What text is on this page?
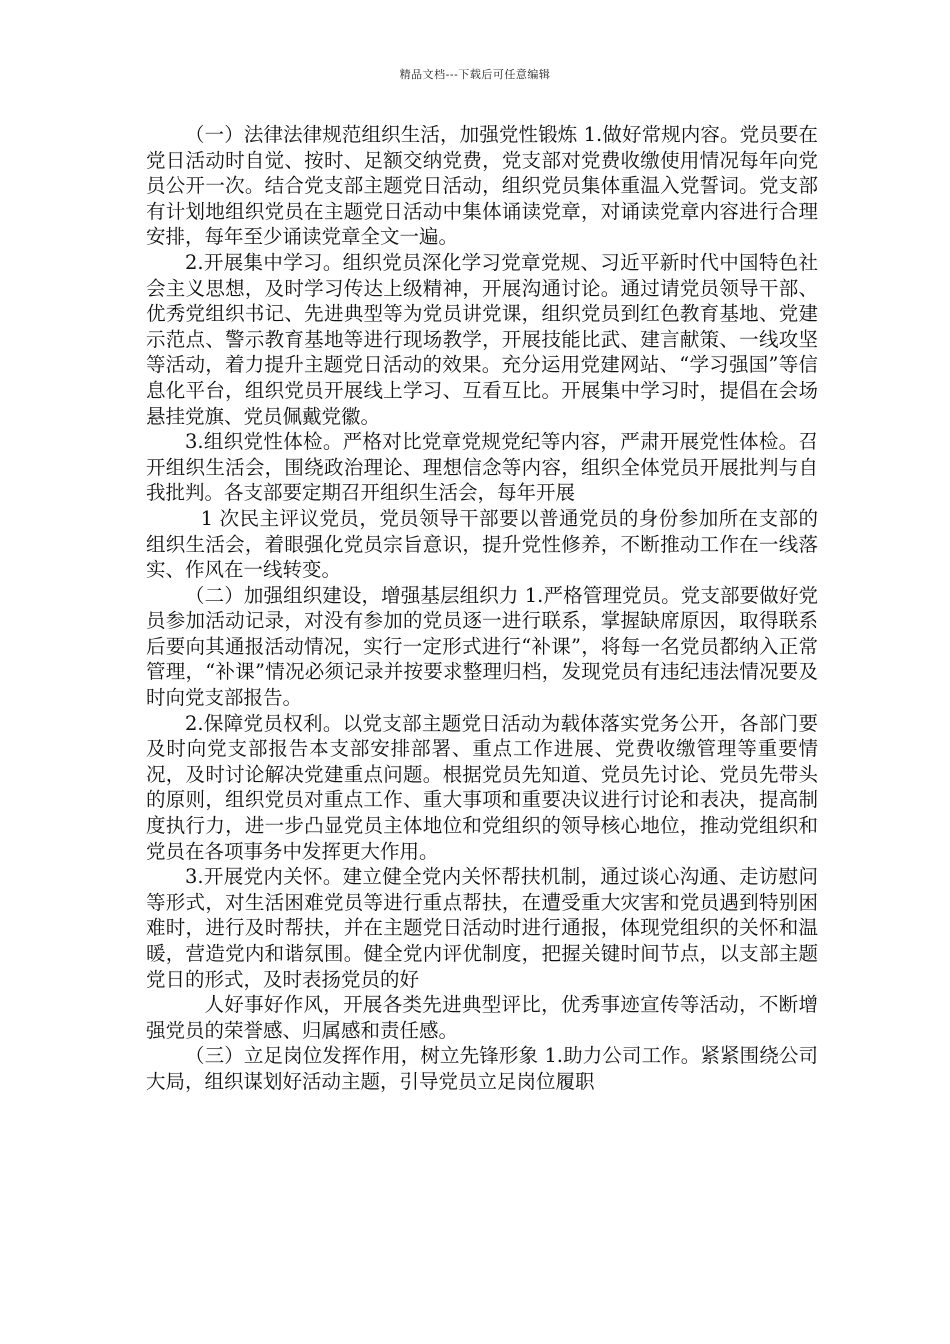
精品文档---下载后可任意编辑

（一）法律法律规范组织生活，加强党性锻炼 1.做好常规内容。党员要在党日活动时自觉、按时、足额交纳党费，党支部对党费收缴使用情况每年向党员公开一次。结合党支部主题党日活动，组织党员集体重温入党誓词。党支部有计划地组织党员在主题党日活动中集体诵读党章，对诵读党章内容进行合理安排，每年至少诵读党章全文一遍。

2.开展集中学习。组织党员深化学习党章党规、习近平新时代中国特色社会主义思想，及时学习传达上级精神，开展沟通讨论。通过请党员领导干部、优秀党组织书记、先进典型等为党员讲党课，组织党员到红色教育基地、党建示范点、警示教育基地等进行现场教学，开展技能比武、建言献策、一线攻坚等活动，着力提升主题党日活动的效果。充分运用党建网站、“学习强国”等信息化平台，组织党员开展线上学习、互看互比。开展集中学习时，提倡在会场悬挂党旗、党员佩戴党徽。

3.组织党性体检。严格对比党章党规党纪等内容，严肃开展党性体检。召开组织生活会，围绕政治理论、理想信念等内容，组织全体党员开展批判与自我批判。各支部要定期召开组织生活会，每年开展

1 次民主评议党员，党员领导干部要以普通党员的身份参加所在支部的组织生活会，着眼强化党员宗旨意识，提升党性修养，不断推动工作在一线落实、作风在一线转变。

（二）加强组织建设，增强基层组织力 1.严格管理党员。党支部要做好党员参加活动记录，对没有参加的党员逐一进行联系，掌握缺席原因，取得联系后要向其通报活动情况，实行一定形式进行“补课”，将每一名党员都纳入正常管理，“补课”情况必须记录并按要求整理归档，发现党员有违纪违法情况要及时向党支部报告。

2.保障党员权利。以党支部主题党日活动为载体落实党务公开，各部门要及时向党支部报告本支部安排部署、重点工作进展、党费收缴管理等重要情况，及时讨论解决党建重点问题。根据党员先知道、党员先讨论、党员先带头的原则，组织党员对重点工作、重大事项和重要决议进行讨论和表决，提高制度执行力，进一步凸显党员主体地位和党组织的领导核心地位，推动党组织和党员在各项事务中发挥更大作用。

3.开展党内关怀。建立健全党内关怀帮扶机制，通过谈心沟通、走访慰问等形式，对生活困难党员等进行重点帮扶，在遭受重大灾害和党员遇到特别困难时，进行及时帮扶，并在主题党日活动时进行通报，体现党组织的关怀和温暖，营造党内和谐氛围。健全党内评优制度，把握关键时间节点，以支部主题党日的形式，及时表扬党员的好

人好事好作风，开展各类先进典型评比，优秀事迹宣传等活动，不断增强党员的荣誉感、归属感和责任感。

（三）立足岗位发挥作用，树立先锋形象 1.助力公司工作。紧紧围绕公司大局，组织谋划好活动主题，引导党员立足岗位履职
